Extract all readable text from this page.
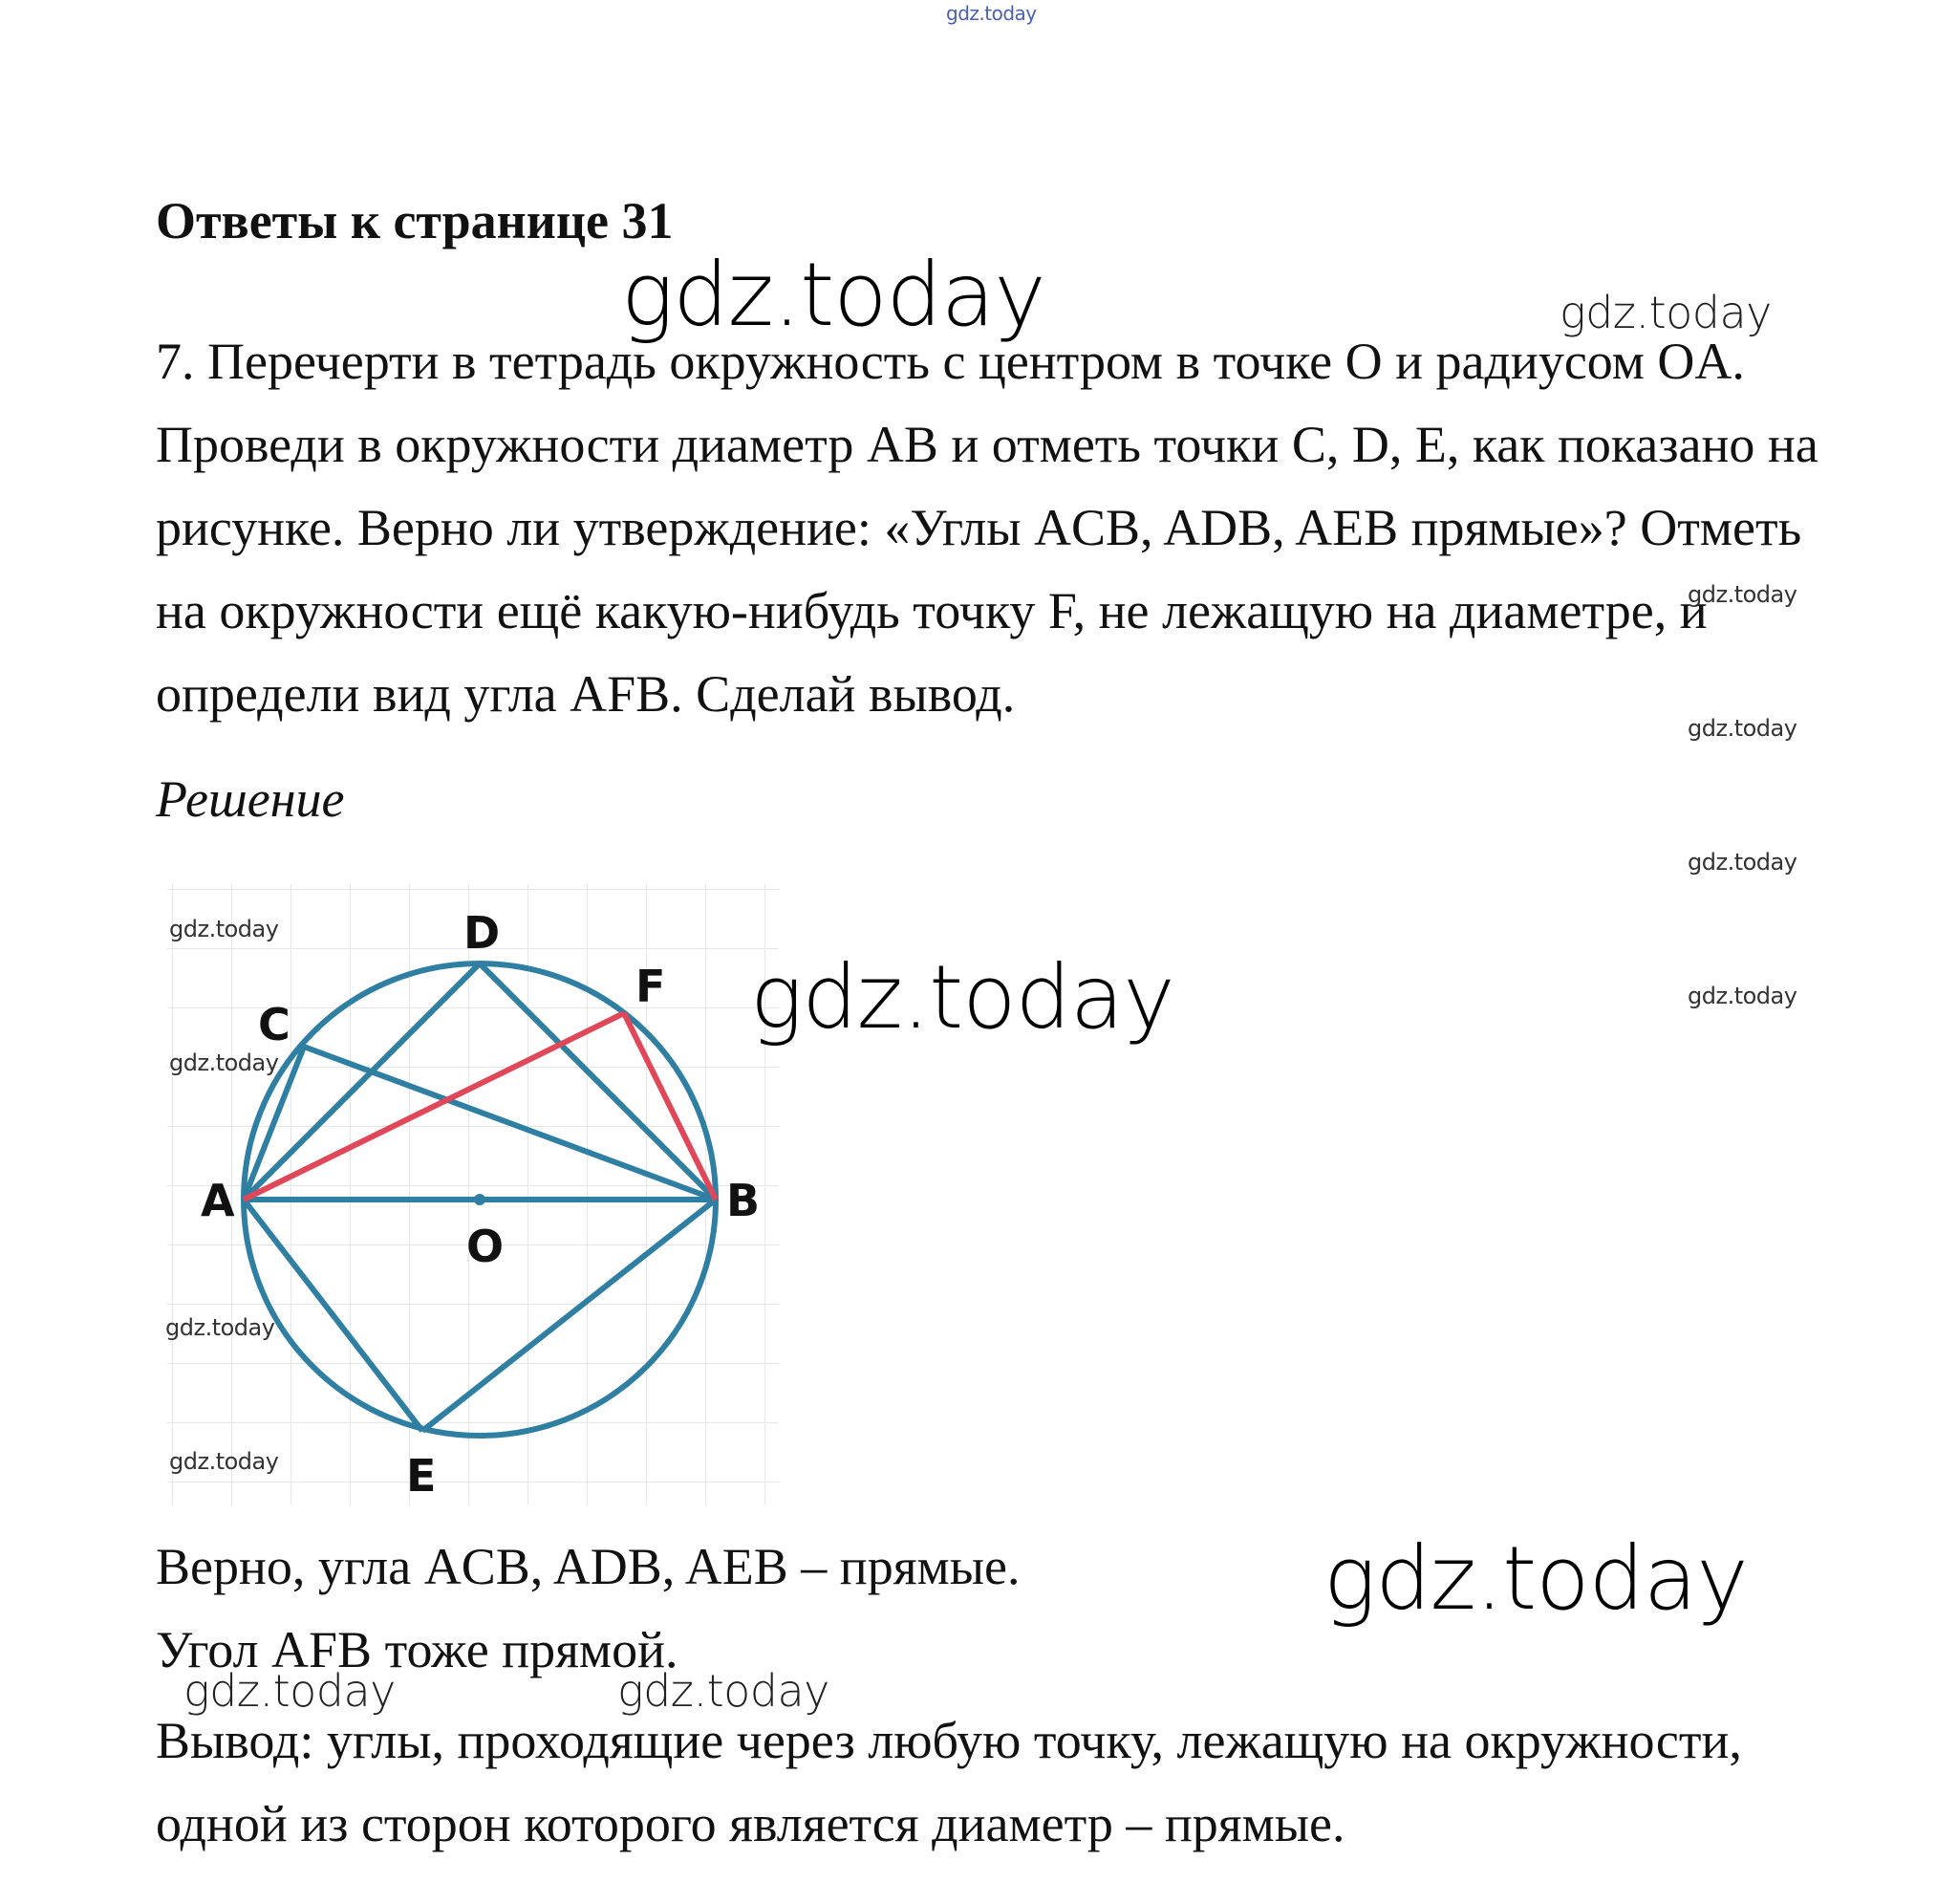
gdz.today
Ответы к странице 31
gdz.today	gdz.today

7. Перечерти в тетрадь окружность с центром в точке O и радиусом OA. Проведи в окружности диаметр AB и отметь точки C, D, E, как показано на рисунке. Верно ли утверждение: «Углы ACB, ADB, AEB прямые»? Отметь на окружности ещё какую-нибудь точку F, не лежащую на диаметре, и определи вид угла AFB. Сделай вывод.

gdz.today
gdz.today
gdz.today
gdz.today

Решение

A	B
C
D
E
F
O
gdz.today
gdz.today
gdz.today
gdz.today
gdz.today

Верно, угла ACB, ADB, AEB – прямые.	gdz.today

Угол AFB тоже прямой.

gdz.today	gdz.today

Вывод: углы, проходящие через любую точку, лежащую на окружности, одной из сторон которого является диаметр – прямые.
